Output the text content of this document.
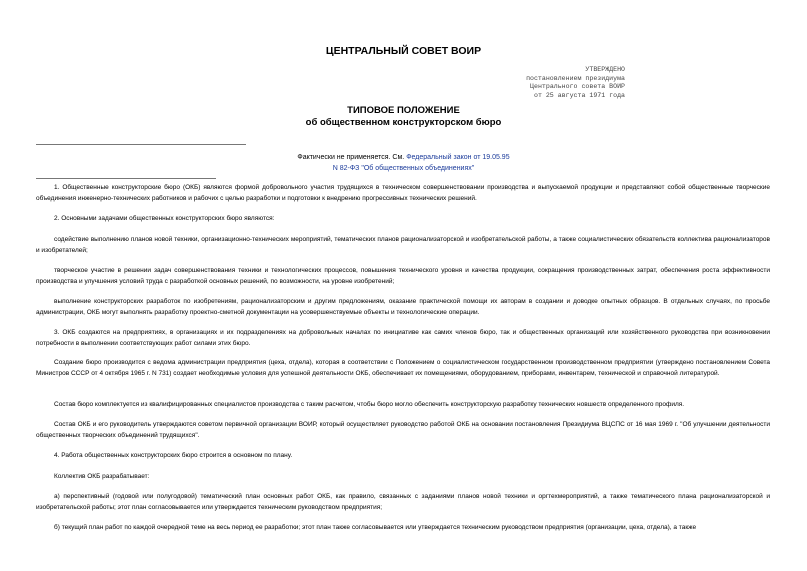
ЦЕНТРАЛЬНЫЙ СОВЕТ ВОИР
УТВЕРЖДЕНО
постановлением президиума
Центрального совета ВОИР
от 25 августа 1971 года
ТИПОВОЕ ПОЛОЖЕНИЕ
об общественном конструкторском бюро
Фактически не применяется. См. Федеральный закон от 19.05.95
N 82-ФЗ "Об общественных объединениях"

1. Общественные конструкторские бюро (ОКБ) являются формой добровольного участия трудящихся в техническом совершенствовании производства и выпускаемой продукции и представляют собой общественные творческие объединения инженерно-технических работников и рабочих с целью разработки и подготовки к внедрению прогрессивных технических решений.

2. Основными задачами общественных конструкторских бюро являются:

содействие выполнению планов новой техники, организационно-технических мероприятий, тематических планов рационализаторской и изобретательской работы, а также социалистических обязательств коллектива рационализаторов и изобретателей;

творческое участие в решении задач совершенствования техники и технологических процессов, повышения технического уровня и качества продукции, сокращения производственных затрат, обеспечения роста эффективности производства и улучшения условий труда с разработкой основных решений, по возможности, на уровне изобретений;

выполнение конструкторских разработок по изобретениям, рационализаторским и другим предложениям, оказание практической помощи их авторам в создании и доводке опытных образцов. В отдельных случаях, по просьбе администрации, ОКБ могут выполнять разработку проектно-сметной документации на усовершенствуемые объекты и технологические операции.

3. ОКБ создаются на предприятиях, в организациях и их подразделениях на добровольных началах по инициативе как самих членов бюро, так и общественных организаций или хозяйственного руководства при возникновении потребности в выполнении соответствующих работ силами этих бюро.

Создание бюро производится с ведома администрации предприятия (цеха, отдела), которая в соответствии с Положением о социалистическом государственном производственном предприятии (утверждено постановлением Совета Министров СССР от 4 октября 1965 г. N 731) создает необходимые условия для успешной деятельности ОКБ, обеспечивает их помещениями, оборудованием, приборами, инвентарем, технической и справочной литературой.

Состав бюро комплектуется из квалифицированных специалистов производства с таким расчетом, чтобы бюро могло обеспечить конструкторскую разработку технических новшеств определенного профиля.

Состав ОКБ и его руководитель утверждаются советом первичной организации ВОИР, который осуществляет руководство работой ОКБ на основании постановления Президиума ВЦСПС от 16 мая 1969 г. "Об улучшении деятельности общественных творческих объединений трудящихся".

4. Работа общественных конструкторских бюро строится в основном по плану.

Коллектив ОКБ разрабатывает:

а) перспективный (годовой или полугодовой) тематический план основных работ ОКБ, как правило, связанных с заданиями планов новой техники и оргтехмероприятий, а также тематического плана рационализаторской и изобретательской работы; этот план согласовывается или утверждается техническим руководством предприятия;

б) текущий план работ по каждой очередной теме на весь период ее разработки; этот план также согласовывается или утверждается техническим руководством предприятия (организации, цеха, отдела), а также
